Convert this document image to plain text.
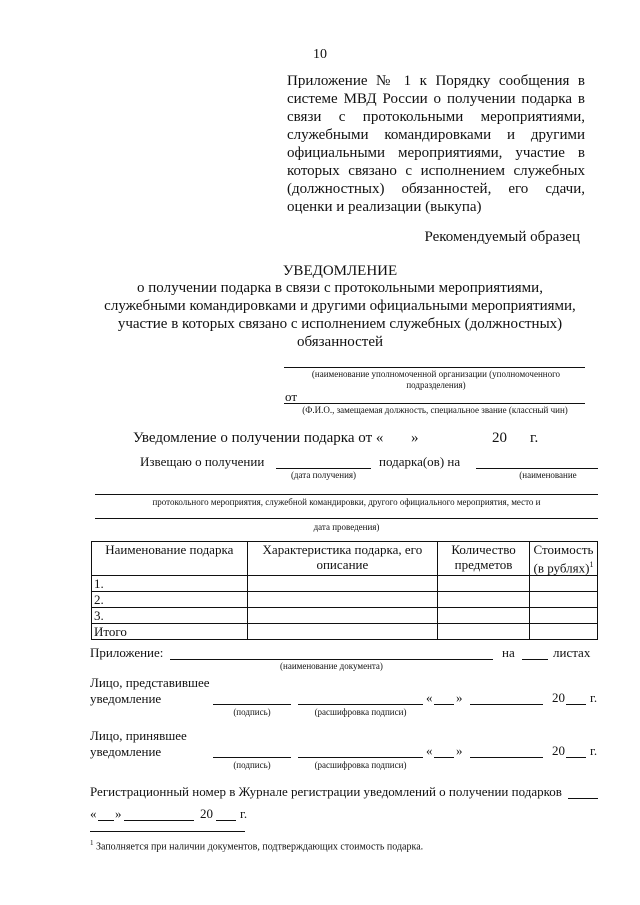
10
Приложение № 1 к Порядку сообщения в
системе МВД России о получении подарка в
связи с протокольными мероприятиями,
служебными командировками и другими
официальными мероприятиями, участие в
которых связано с исполнением служебных
(должностных) обязанностей, его сдачи,
оценки и реализации (выкупа)
Рекомендуемый образец
УВЕДОМЛЕНИЕ
о получении подарка в связи с протокольными мероприятиями,
служебными командировками и другими официальными мероприятиями,
участие в которых связано с исполнением служебных (должностных)
обязанностей
(наименование уполномоченной организации (уполномоченного подразделения)
от
(Ф.И.О., замещаемая должность, специальное звание (классный чин)
Уведомление о получении подарка от « »	20 г.
Извещаю о получении
(дата получения)
подарка(ов) на
(наименование
протокольного мероприятия, служебной командировки, другого официального мероприятия, место и
дата проведения)
Наименование подарка	Характеристика подарка, его описание	Количество предметов	Стоимость (в рублях)$^1$
1.			
2.			
3.			
Итого			
Приложение:
(наименование документа)
на	листах
Лицо, представившее
уведомление
(подпись)	(расшифровка подписи)
« »	20 г.
Лицо, принявшее
уведомление
(подпись)	(расшифровка подписи)
« »	20 г.
Регистрационный номер в Журнале регистрации уведомлений о получении подарков
« »	20 г.
$^1$ Заполняется при наличии документов, подтверждающих стоимость подарка.
